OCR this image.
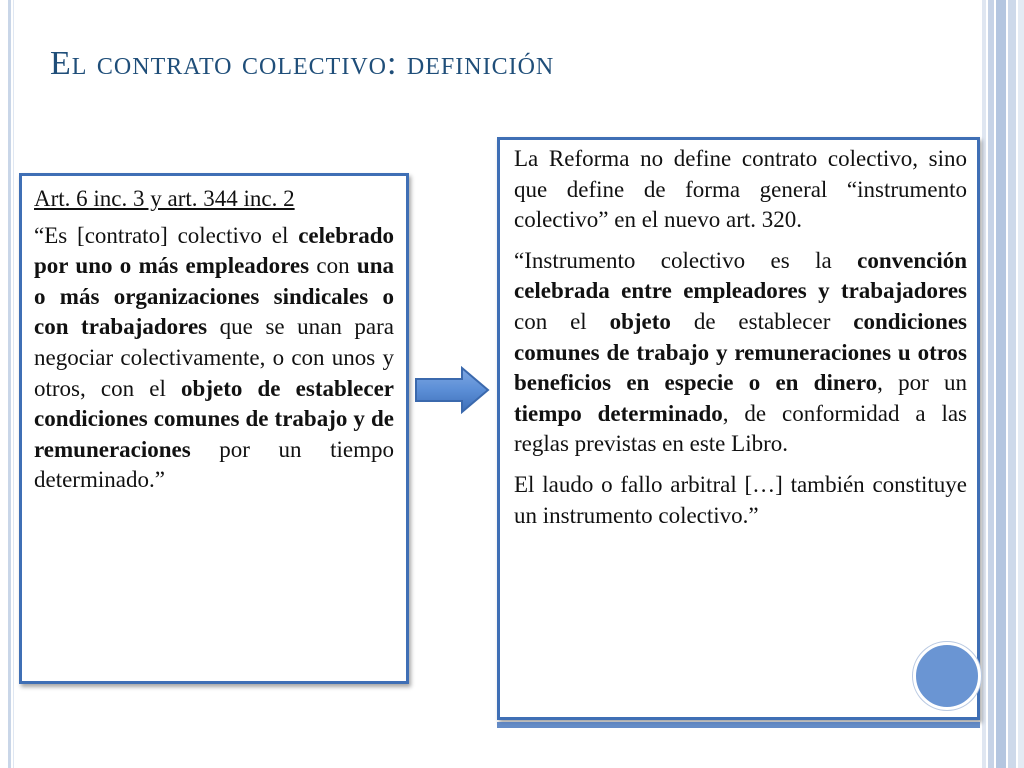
El contrato colectivo: definición

Art. 6 inc. 3 y art. 344 inc. 2

“Es [contrato] colectivo el celebrado por uno o más empleadores con una o más organizaciones sindicales o con trabajadores que se unan para negociar colectivamente, o con unos y otros, con el objeto de establecer condiciones comunes de trabajo y de remuneraciones por un tiempo determinado.”

La Reforma no define contrato colectivo, sino que define de forma general “instrumento colectivo” en el nuevo art. 320.

“Instrumento colectivo es la convención celebrada entre empleadores y trabajadores con el objeto de establecer condiciones comunes de trabajo y remuneraciones u otros beneficios en especie o en dinero, por un tiempo determinado, de conformidad a las reglas previstas en este Libro.

El laudo o fallo arbitral […] también constituye un instrumento colectivo.”
